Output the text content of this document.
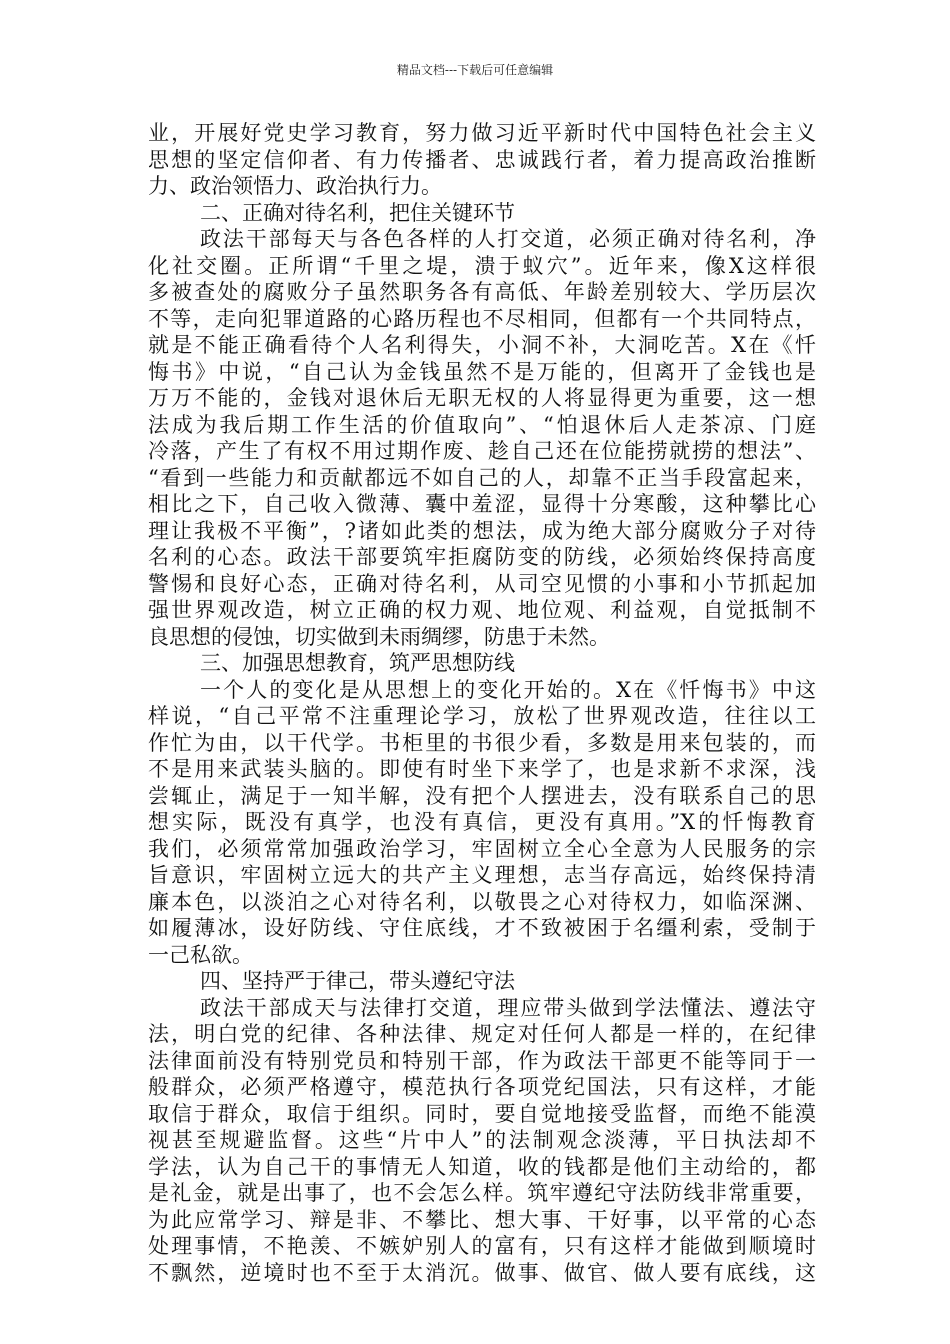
精品文档---下载后可任意编辑
业，开展好党史学习教育，努力做习近平新时代中国特色社会主义
思想的坚定信仰者、有力传播者、忠诚践行者，着力提高政治推断
力、政治领悟力、政治执行力。
二、正确对待名利，把住关键环节
政法干部每天与各色各样的人打交道，必须正确对待名利，净
化社交圈。正所谓“千里之堤，溃于蚁穴”。近年来，像X这样很
多被查处的腐败分子虽然职务各有高低、年龄差别较大、学历层次
不等，走向犯罪道路的心路历程也不尽相同，但都有一个共同特点，
就是不能正确看待个人名利得失，小洞不补，大洞吃苦。X在《忏
悔书》中说，“自己认为金钱虽然不是万能的，但离开了金钱也是
万万不能的，金钱对退休后无职无权的人将显得更为重要，这一想
法成为我后期工作生活的价值取向”、“怕退休后人走茶凉、门庭
冷落，产生了有权不用过期作废、趁自己还在位能捞就捞的想法”、
“看到一些能力和贡献都远不如自己的人，却靠不正当手段富起来，
相比之下，自己收入微薄、囊中羞涩，显得十分寒酸，这种攀比心
理让我极不平衡”，?诸如此类的想法，成为绝大部分腐败分子对待
名利的心态。政法干部要筑牢拒腐防变的防线，必须始终保持高度
警惕和良好心态，正确对待名利，从司空见惯的小事和小节抓起加
强世界观改造，树立正确的权力观、地位观、利益观，自觉抵制不
良思想的侵蚀，切实做到未雨绸缪，防患于未然。
三、加强思想教育，筑严思想防线
一个人的变化是从思想上的变化开始的。X在《忏悔书》中这
样说，“自己平常不注重理论学习，放松了世界观改造，往往以工
作忙为由，以干代学。书柜里的书很少看，多数是用来包装的，而
不是用来武装头脑的。即使有时坐下来学了，也是求新不求深，浅
尝辄止，满足于一知半解，没有把个人摆进去，没有联系自己的思
想实际，既没有真学，也没有真信，更没有真用。”X的忏悔教育
我们，必须常常加强政治学习，牢固树立全心全意为人民服务的宗
旨意识，牢固树立远大的共产主义理想，志当存高远，始终保持清
廉本色，以淡泊之心对待名利，以敬畏之心对待权力，如临深渊、
如履薄冰，设好防线、守住底线，才不致被困于名缰利索，受制于
一己私欲。
四、坚持严于律己，带头遵纪守法
政法干部成天与法律打交道，理应带头做到学法懂法、遵法守
法，明白党的纪律、各种法律、规定对任何人都是一样的，在纪律
法律面前没有特别党员和特别干部，作为政法干部更不能等同于一
般群众，必须严格遵守，模范执行各项党纪国法，只有这样，才能
取信于群众，取信于组织。同时，要自觉地接受监督，而绝不能漠
视甚至规避监督。这些“片中人”的法制观念淡薄，平日执法却不
学法，认为自己干的事情无人知道，收的钱都是他们主动给的，都
是礼金，就是出事了，也不会怎么样。筑牢遵纪守法防线非常重要，
为此应常学习、辩是非、不攀比、想大事、干好事，以平常的心态
处理事情，不艳羡、不嫉妒别人的富有，只有这样才能做到顺境时
不飘然，逆境时也不至于太消沉。做事、做官、做人要有底线，这
